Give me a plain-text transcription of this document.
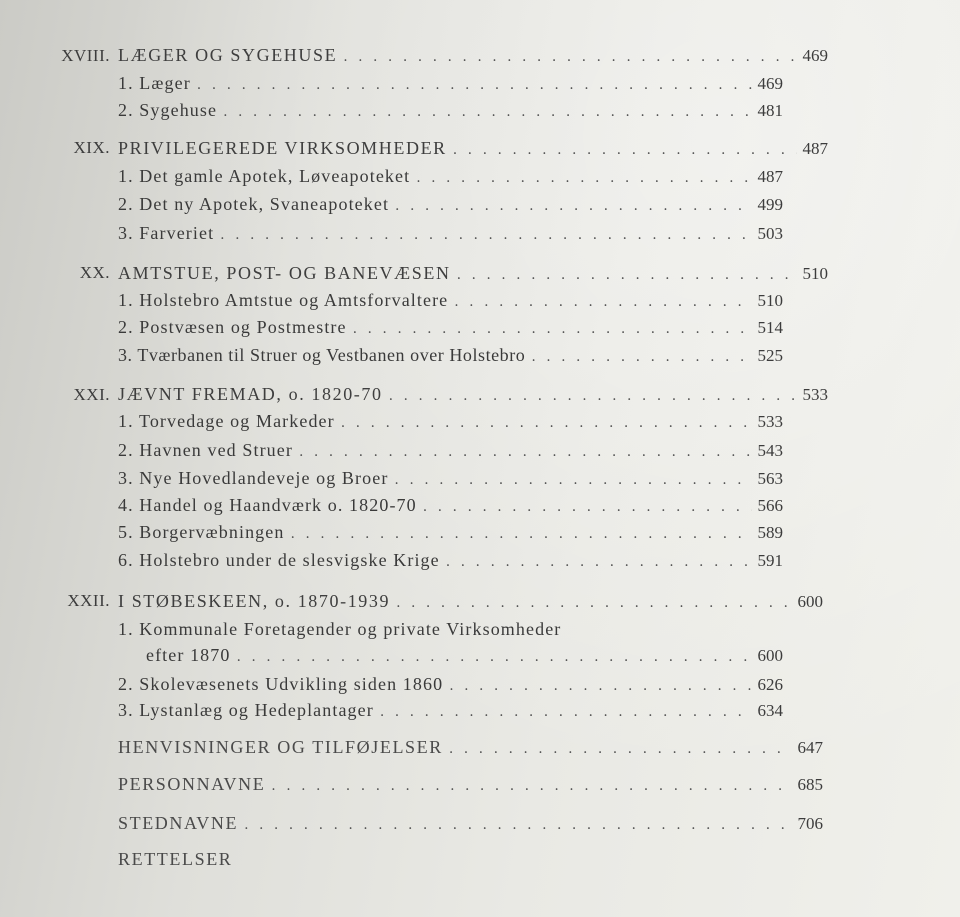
XVIII. LÆGER OG SYGEHUSE . . .	469
1. Læger . . .	469
2. Sygehuse . . .	481
XIX. PRIVILEGEREDE VIRKSOMHEDER . . .	487
1. Det gamle Apotek, Løveapoteket . . .	487
2. Det ny Apotek, Svaneapoteket . . .	499
3. Farveriet . . .	503
XX. AMTSTUE, POST- OG BANEVÆSEN . . .	510
1. Holstebro Amtstue og Amtsforvaltere . . .	510
2. Postvæsen og Postmestre . . .	514
3. Tværbanen til Struer og Vestbanen over Holstebro . . .	525
XXI. JÆVNT FREMAD, o. 1820-70 . . .	533
1. Torvedage og Markeder . . .	533
2. Havnen ved Struer . . .	543
3. Nye Hovedlandeveje og Broer . . .	563
4. Handel og Haandværk o. 1820-70 . . .	566
5. Borgervæbningen . . .	589
6. Holstebro under de slesvigske Krige . . .	591
XXII. I STØBESKEEN, o. 1870-1939 . . .	600
1. Kommunale Foretagender og private Virksomheder
efter 1870 . . .	600
2. Skolevæsenets Udvikling siden 1860 . . .	626
3. Lystanlæg og Hedeplantager . . .	634
HENVISNINGER OG TILFØJELSER . . .	647
PERSONNAVNE . . .	685
STEDNAVNE . . .	706
RETTELSER
